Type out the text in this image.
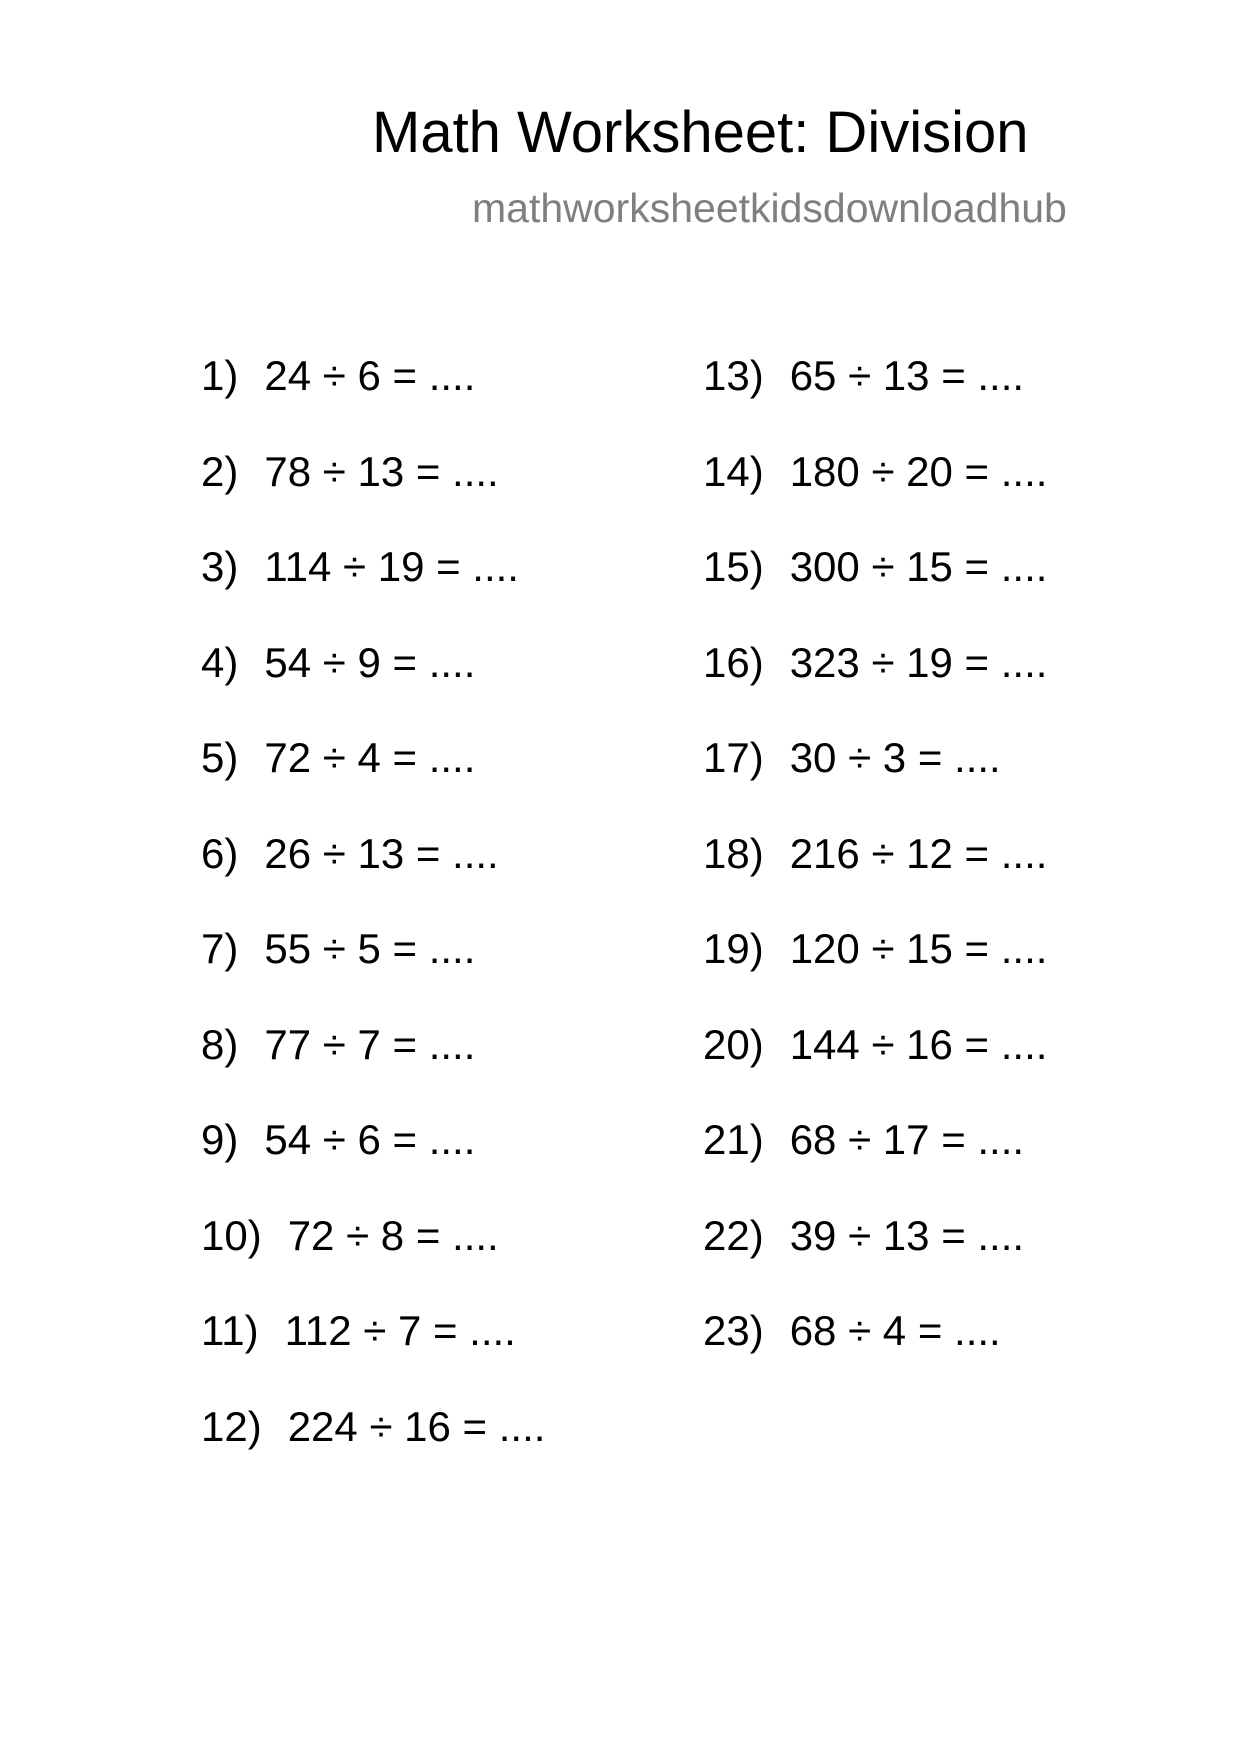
Math Worksheet: Division
mathworksheetkidsdownloadhub
1) 24 ÷ 6 = ....
2) 78 ÷ 13 = ....
3) 114 ÷ 19 = ....
4) 54 ÷ 9 = ....
5) 72 ÷ 4 = ....
6) 26 ÷ 13 = ....
7) 55 ÷ 5 = ....
8) 77 ÷ 7 = ....
9) 54 ÷ 6 = ....
10) 72 ÷ 8 = ....
11) 112 ÷ 7 = ....
12) 224 ÷ 16 = ....
13) 65 ÷ 13 = ....
14) 180 ÷ 20 = ....
15) 300 ÷ 15 = ....
16) 323 ÷ 19 = ....
17) 30 ÷ 3 = ....
18) 216 ÷ 12 = ....
19) 120 ÷ 15 = ....
20) 144 ÷ 16 = ....
21) 68 ÷ 17 = ....
22) 39 ÷ 13 = ....
23) 68 ÷ 4 = ....
